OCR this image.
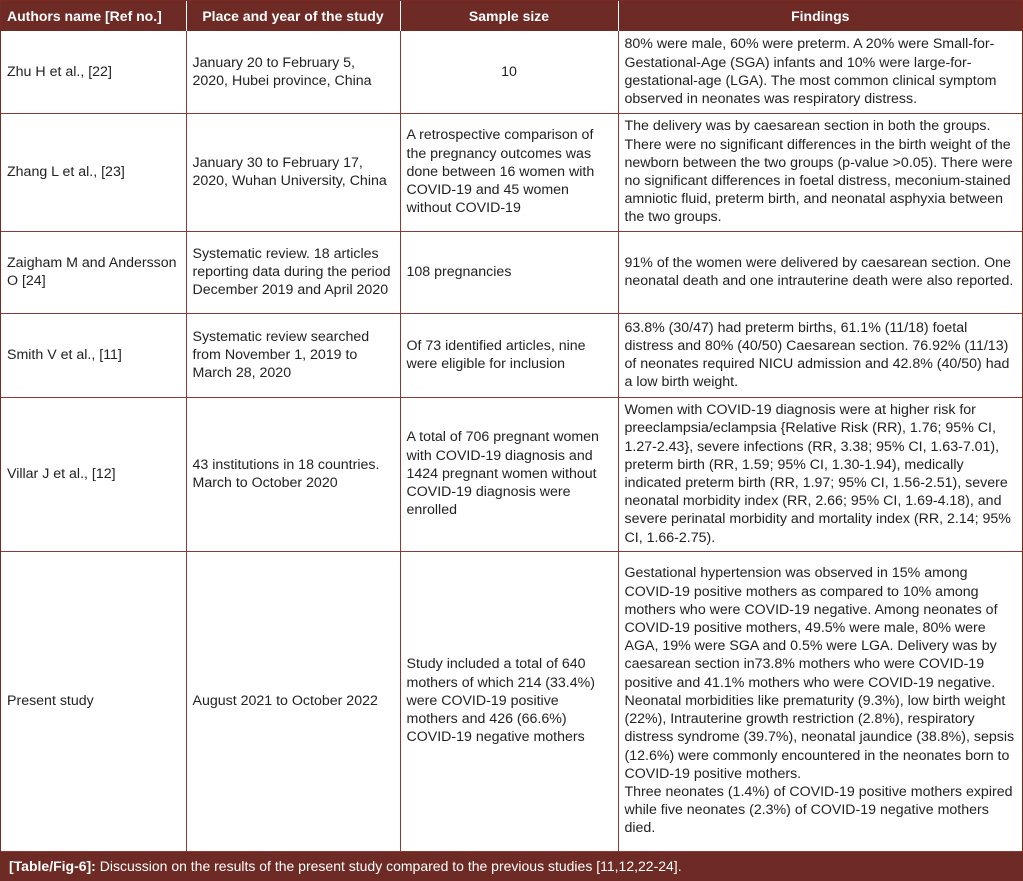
Authors name [Ref no.]	Place and year of the study	Sample size	Findings
Zhu H et al., [22]	January 20 to February 5, 2020, Hubei province, China	10	80% were male, 60% were preterm. A 20% were Small-for-Gestational-Age (SGA) infants and 10% were large-for-gestational-age (LGA). The most common clinical symptom observed in neonates was respiratory distress.
Zhang L et al., [23]	January 30 to February 17, 2020, Wuhan University, China	A retrospective comparison of the pregnancy outcomes was done between 16 women with COVID-19 and 45 women without COVID-19	The delivery was by caesarean section in both the groups. There were no significant differences in the birth weight of the newborn between the two groups (p-value >0.05). There were no significant differences in foetal distress, meconium-stained amniotic fluid, preterm birth, and neonatal asphyxia between the two groups.
Zaigham M and Andersson O [24]	Systematic review. 18 articles reporting data during the period December 2019 and April 2020	108 pregnancies	91% of the women were delivered by caesarean section. One neonatal death and one intrauterine death were also reported.
Smith V et al., [11]	Systematic review searched from November 1, 2019 to March 28, 2020	Of 73 identified articles, nine were eligible for inclusion	63.8% (30/47) had preterm births, 61.1% (11/18) foetal distress and 80% (40/50) Caesarean section. 76.92% (11/13) of neonates required NICU admission and 42.8% (40/50) had a low birth weight.
Villar J et al., [12]	43 institutions in 18 countries. March to October 2020	A total of 706 pregnant women with COVID-19 diagnosis and 1424 pregnant women without COVID-19 diagnosis were enrolled	Women with COVID-19 diagnosis were at higher risk for preeclampsia/eclampsia {Relative Risk (RR), 1.76; 95% CI, 1.27-2.43}, severe infections (RR, 3.38; 95% CI, 1.63-7.01), preterm birth (RR, 1.59; 95% CI, 1.30-1.94), medically indicated preterm birth (RR, 1.97; 95% CI, 1.56-2.51), severe neonatal morbidity index (RR, 2.66; 95% CI, 1.69-4.18), and severe perinatal morbidity and mortality index (RR, 2.14; 95% CI, 1.66-2.75).
Present study	August 2021 to October 2022	Study included a total of 640 mothers of which 214 (33.4%) were COVID-19 positive mothers and 426 (66.6%) COVID-19 negative mothers	Gestational hypertension was observed in 15% among COVID-19 positive mothers as compared to 10% among mothers who were COVID-19 negative. Among neonates of COVID-19 positive mothers, 49.5% were male, 80% were AGA, 19% were SGA and 0.5% were LGA. Delivery was by caesarean section in73.8% mothers who were COVID-19 positive and 41.1% mothers who were COVID-19 negative.
Neonatal morbidities like prematurity (9.3%), low birth weight (22%), Intrauterine growth restriction (2.8%), respiratory distress syndrome (39.7%), neonatal jaundice (38.8%), sepsis (12.6%) were commonly encountered in the neonates born to COVID-19 positive mothers.
Three neonates (1.4%) of COVID-19 positive mothers expired while five neonates (2.3%) of COVID-19 negative mothers died.
[Table/Fig-6]: Discussion on the results of the present study compared to the previous studies [11,12,22-24].
